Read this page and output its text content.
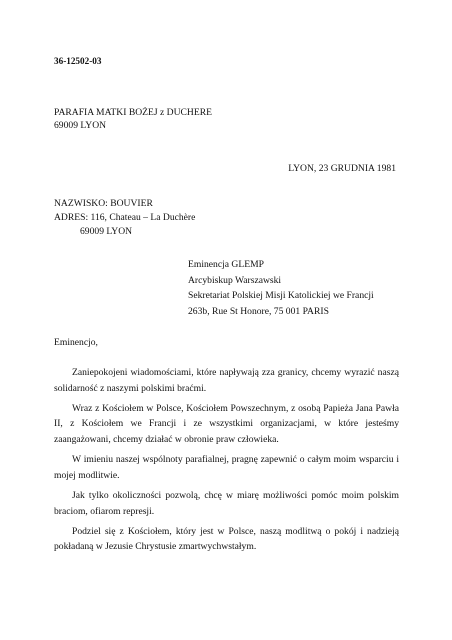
36-12502-03
PARAFIA MATKI BOŻEJ z DUCHERE
69009 LYON
LYON, 23 GRUDNIA 1981
NAZWISKO: BOUVIER
ADRES: 116, Chateau – La Duchère
69009 LYON
Eminencja GLEMP
Arcybiskup Warszawski
Sekretariat Polskiej Misji Katolickiej we Francji
263b, Rue St Honore, 75 001 PARIS
Eminencjo,

Zaniepokojeni wiadomościami, które napływają zza granicy, chcemy wyrazić naszą solidarność z naszymi polskimi braćmi.

Wraz z Kościołem w Polsce, Kościołem Powszechnym, z osobą Papieża Jana Pawła II, z Kościołem we Francji i ze wszystkimi organizacjami, w które jesteśmy zaangażowani, chcemy działać w obronie praw człowieka.

W imieniu naszej wspólnoty parafialnej, pragnę zapewnić o całym moim wsparciu i mojej modlitwie.

Jak tylko okoliczności pozwolą, chcę w miarę możliwości pomóc moim polskim braciom, ofiarom represji.

Podziel się z Kościołem, który jest w Polsce, naszą modlitwą o pokój i nadzieją pokładaną w Jezusie Chrystusie zmartwychwstałym.
